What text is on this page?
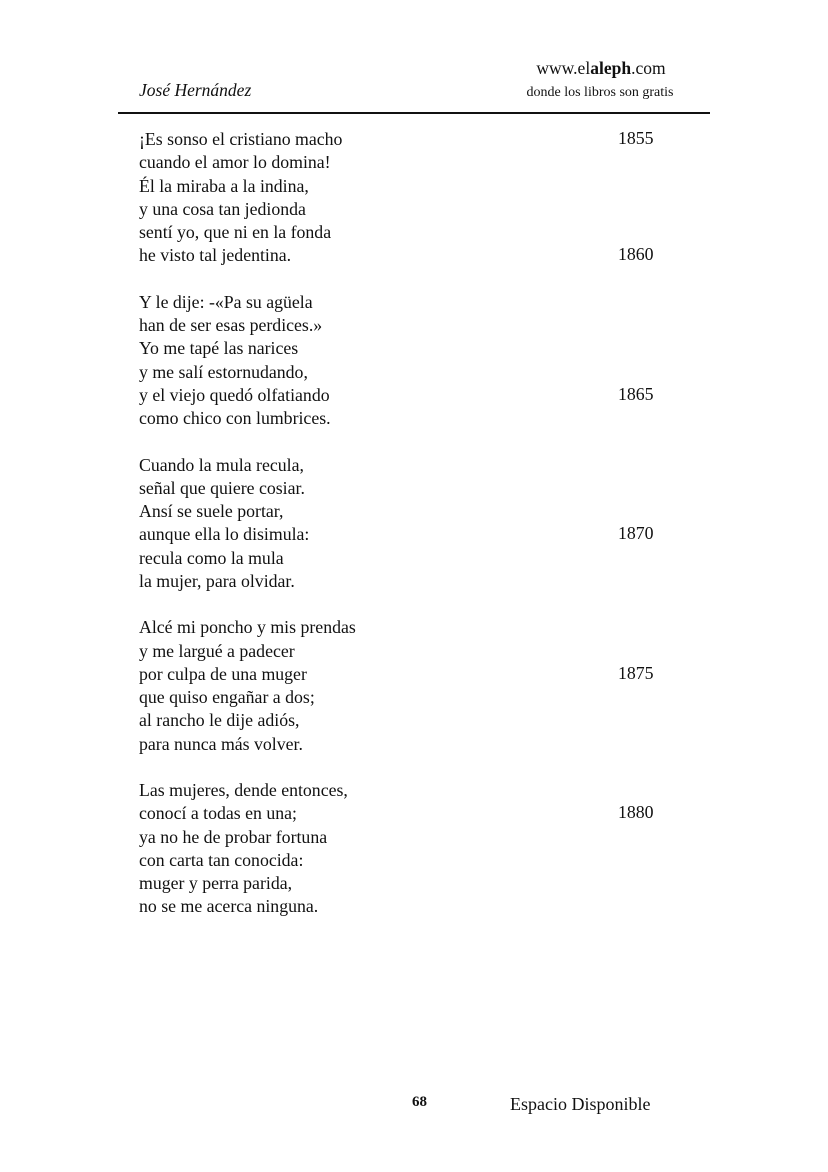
José Hernández
www.elaleph.com
donde los libros son gratis
¡Es sonso el cristiano macho
cuando el amor lo domina!
Él la miraba a la indina,
y una cosa tan jedionda
sentí yo, que ni en la fonda
he visto tal jedentina.
Y le dije: -«Pa su agüela
han de ser esas perdices.»
Yo me tapé las narices
y me salí estornudando,
y el viejo quedó olfatiando
como chico con lumbrices.
Cuando la mula recula,
señal que quiere cosiar.
Ansí se suele portar,
aunque ella lo disimula:
recula como la mula
la mujer, para olvidar.
Alcé mi poncho y mis prendas
y me largué a padecer
por culpa de una muger
que quiso engañar a dos;
al rancho le dije adiós,
para nunca más volver.
Las mujeres, dende entonces,
conocí a todas en una;
ya no he de probar fortuna
con carta tan conocida:
muger y perra parida,
no se me acerca ninguna.
1855
1860
1865
1870
1875
1880
68	Espacio Disponible
